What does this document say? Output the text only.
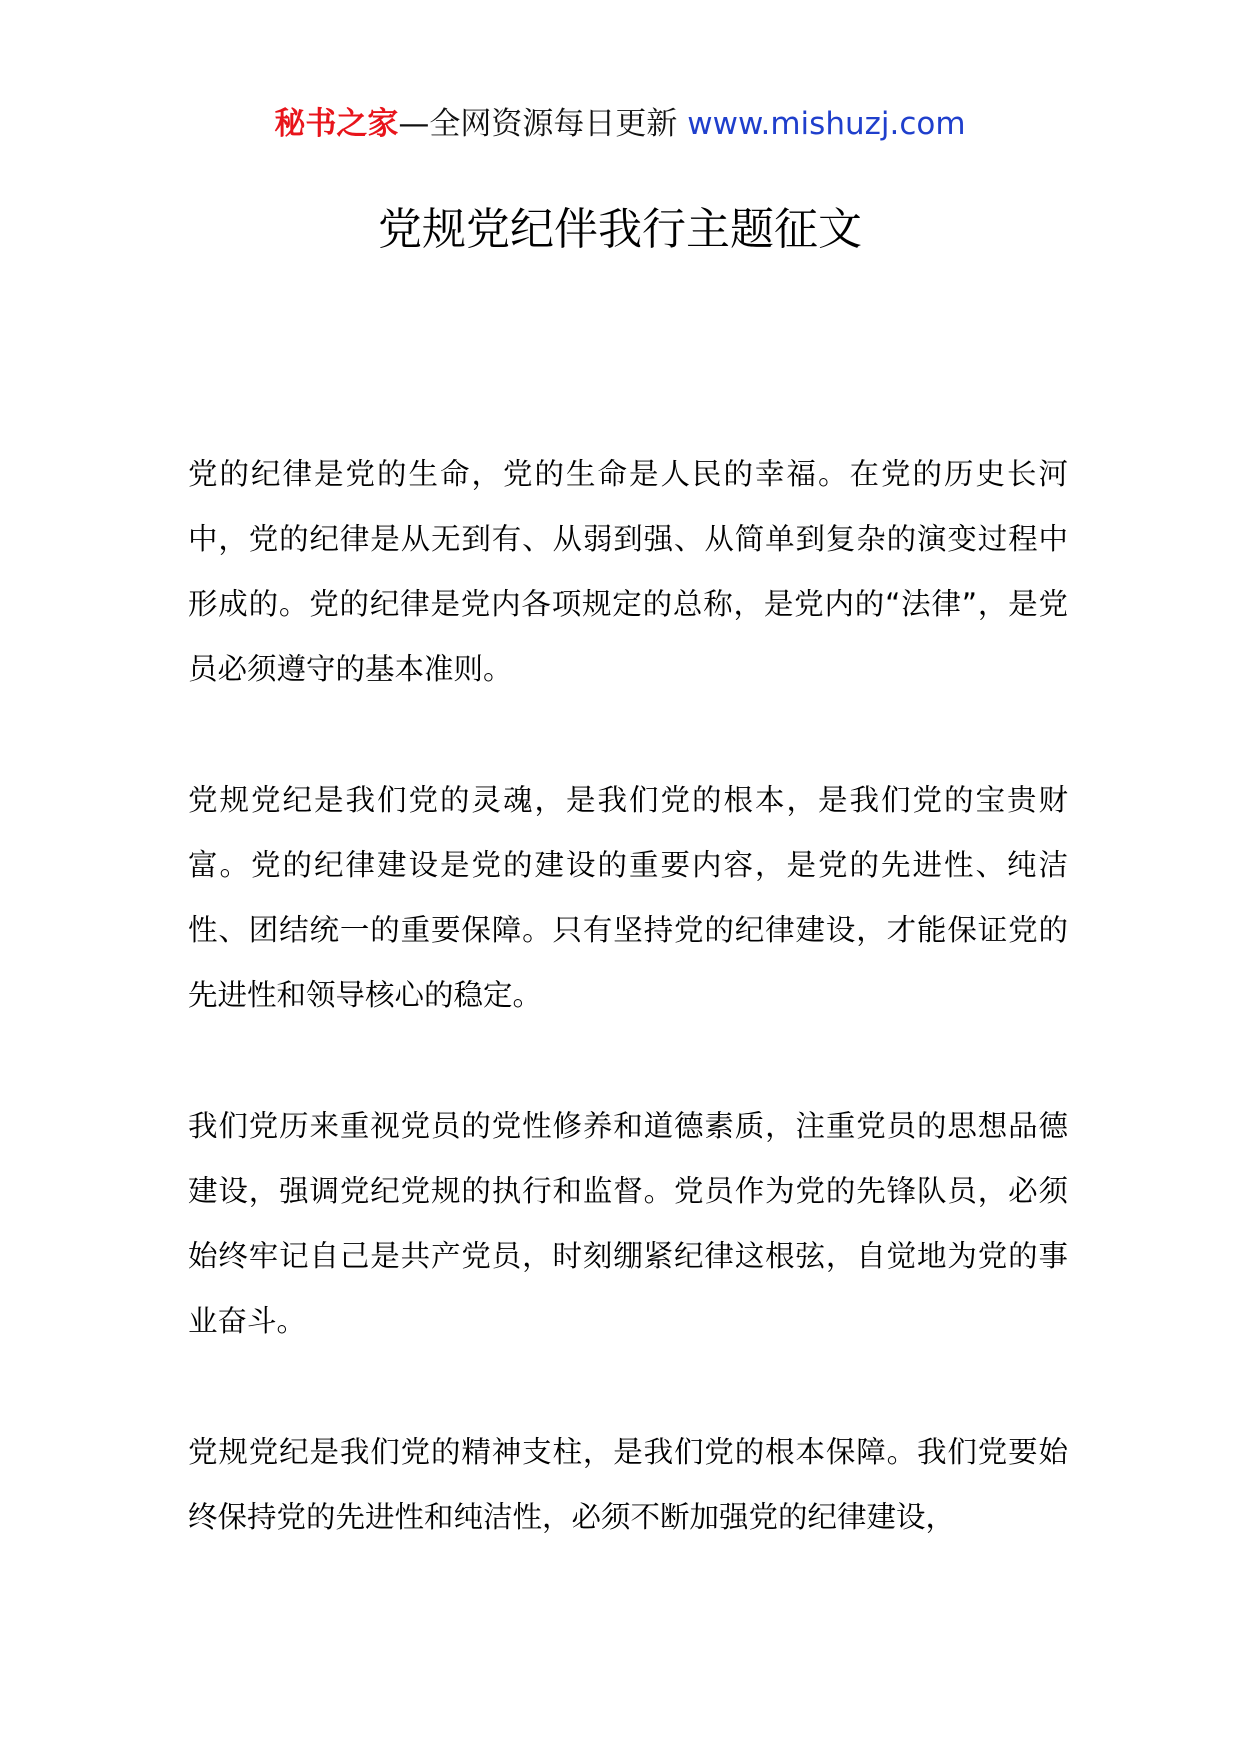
秘书之家—全网资源每日更新 www.mishuzj.com
党规党纪伴我行主题征文

党的纪律是党的生命，党的生命是人民的幸福。在党的历史长河中，党的纪律是从无到有、从弱到强、从简单到复杂的演变过程中形成的。党的纪律是党内各项规定的总称，是党内的“法律”，是党员必须遵守的基本准则。

党规党纪是我们党的灵魂，是我们党的根本，是我们党的宝贵财富。党的纪律建设是党的建设的重要内容，是党的先进性、纯洁性、团结统一的重要保障。只有坚持党的纪律建设，才能保证党的先进性和领导核心的稳定。

我们党历来重视党员的党性修养和道德素质，注重党员的思想品德建设，强调党纪党规的执行和监督。党员作为党的先锋队员，必须始终牢记自己是共产党员，时刻绷紧纪律这根弦，自觉地为党的事业奋斗。

党规党纪是我们党的精神支柱，是我们党的根本保障。我们党要始终保持党的先进性和纯洁性，必须不断加强党的纪律建设，
